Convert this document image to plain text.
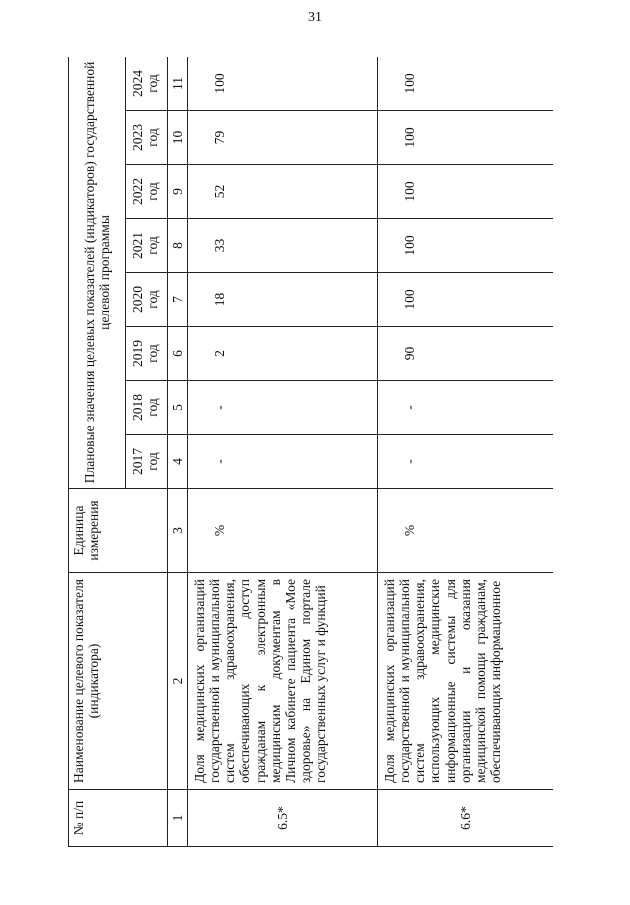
31
№ п/п	Наименование целевого показателя (индикатора)	Единица измерения	Плановые значения целевых показателей (индикаторов) государственной целевой программы							
			2017 год	2018 год	2019 год	2020 год	2021 год	2022 год	2023 год	2024 год
1	2	3	4	5	6	7	8	9	10	11
6.5*	Доля медицинских организаций государственной и муниципальной систем здравоохранения, обеспечивающих доступ гражданам к электронным медицинским документам в Личном кабинете пациента «Мое здоровье» на Едином портале государственных услуг и функций	%	-	-	2	18	33	52	79	100
6.6*	Доля медицинских организаций государственной и муниципальной систем здравоохранения, использующих медицинские информационные системы для организации и оказания медицинской помощи гражданам, обеспечивающих информационное	%	-	-	90	100	100	100	100	100
